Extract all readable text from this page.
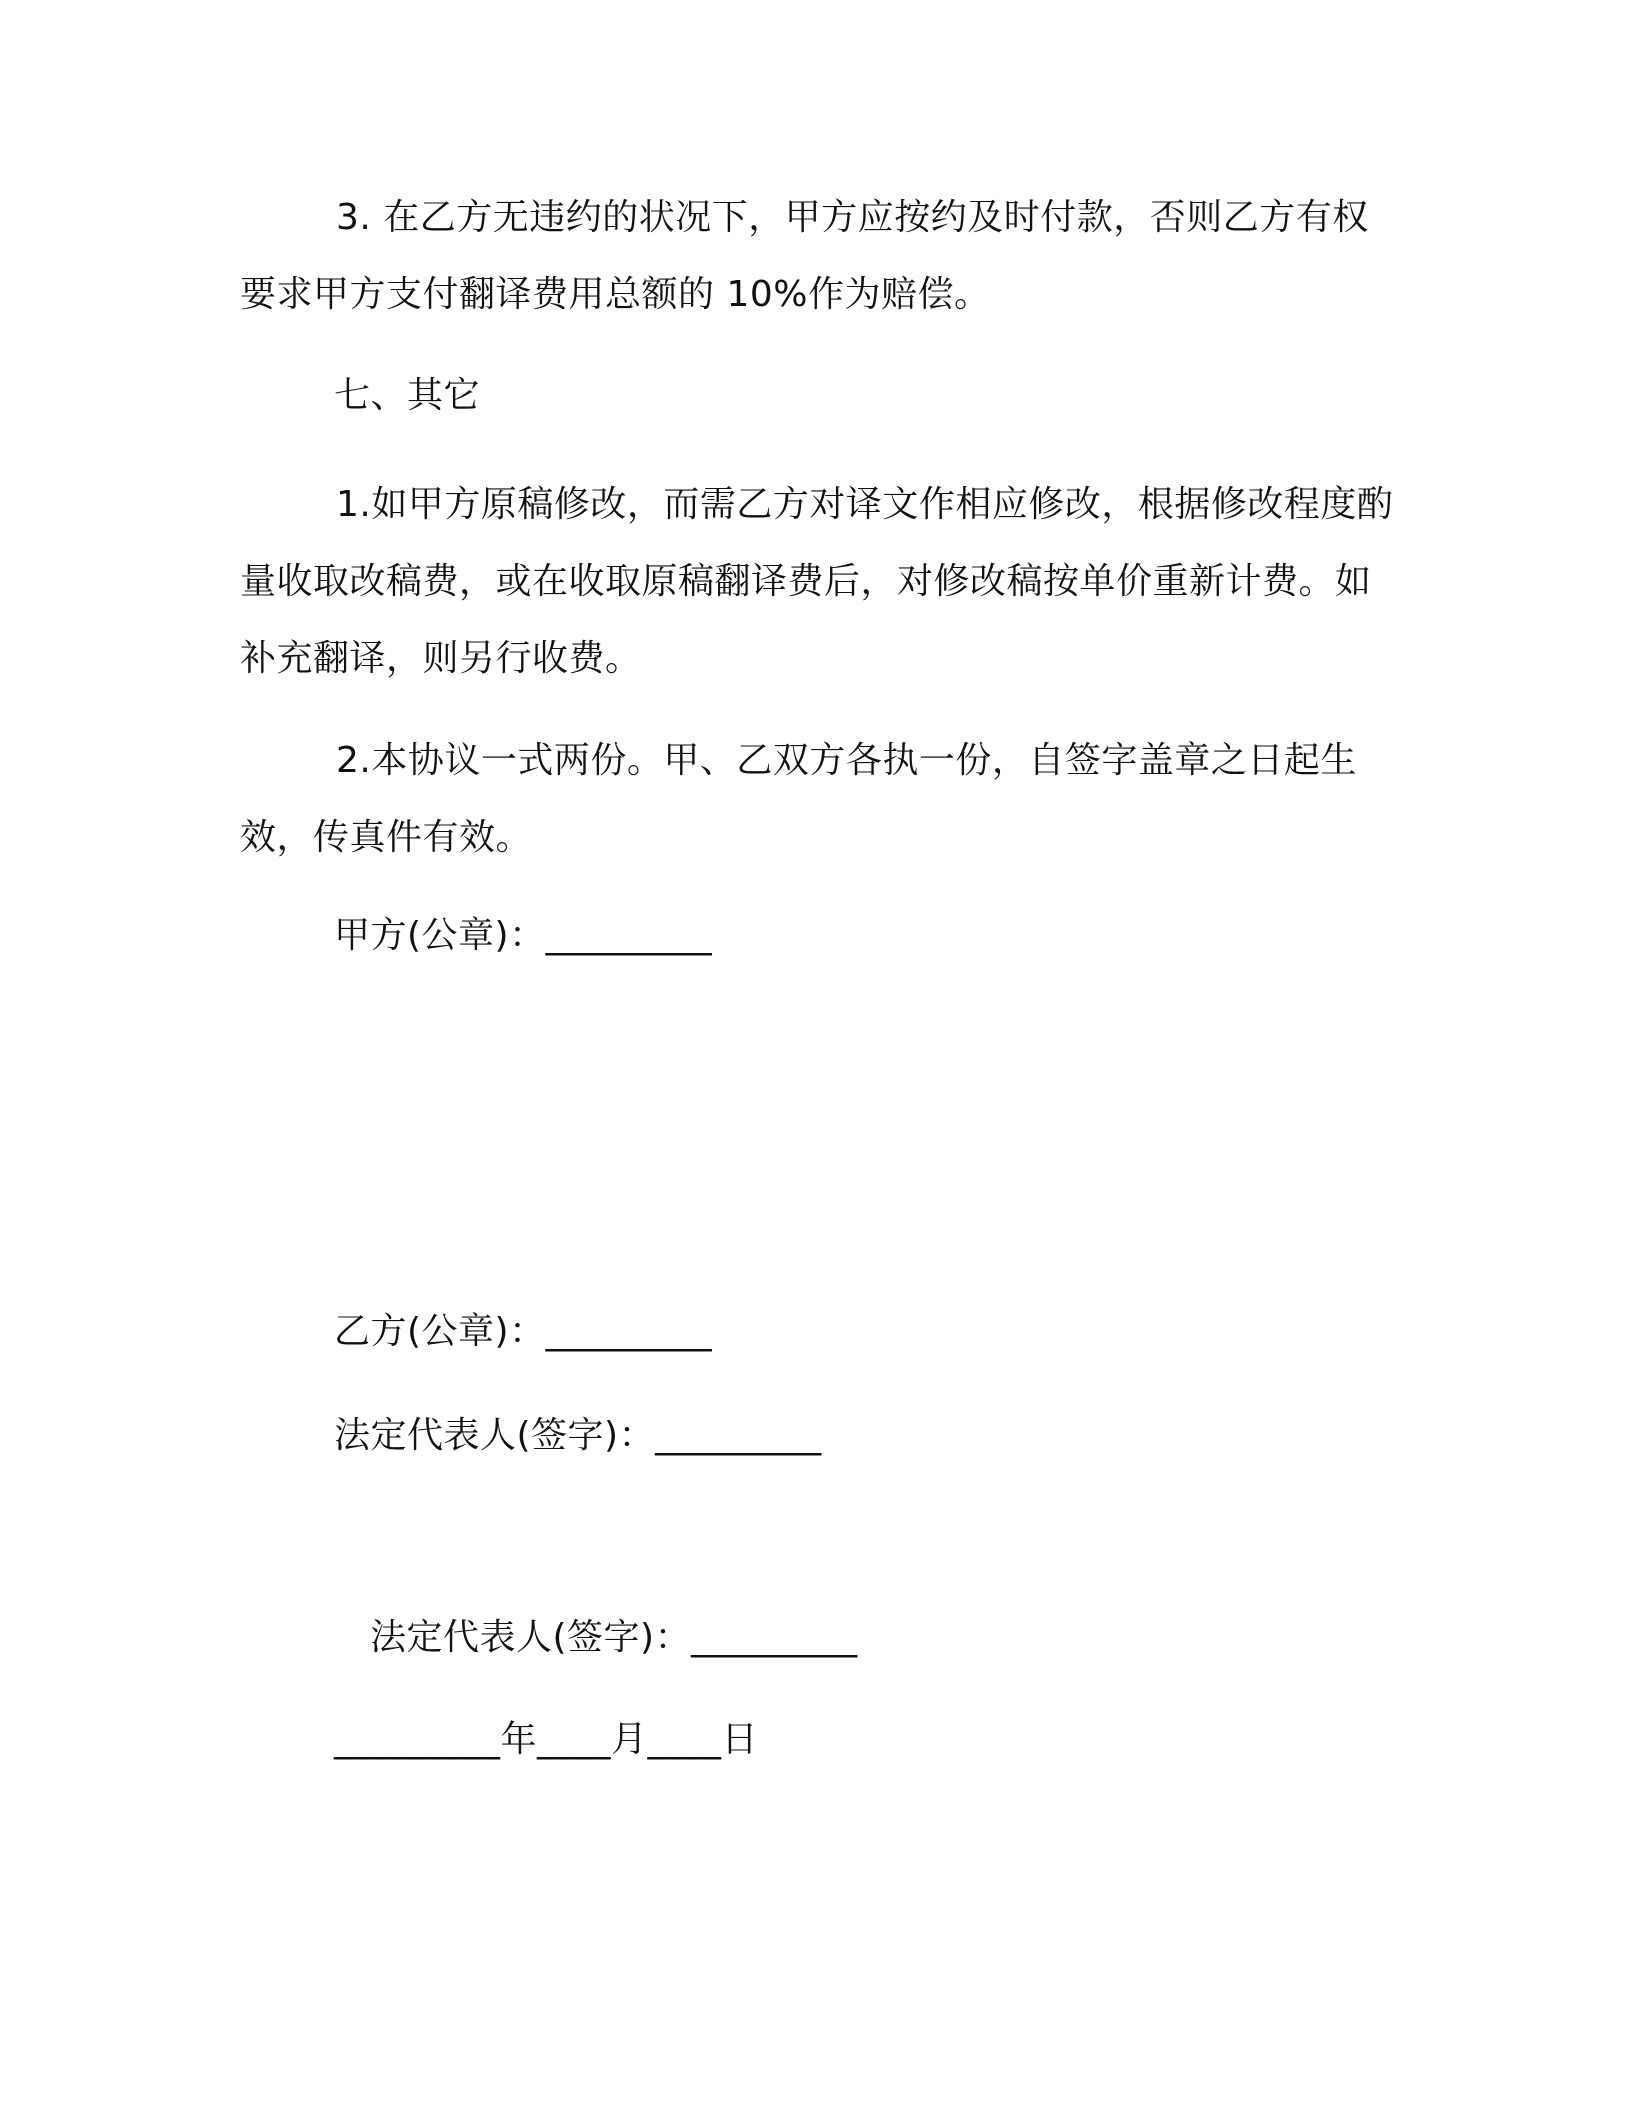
3. 在乙方无违约的状况下，甲方应按约及时付款，否则乙方有权要求甲方支付翻译费用总额的 10%作为赔偿。
七、其它
1.如甲方原稿修改，而需乙方对译文作相应修改，根据修改程度酌量收取改稿费，或在收取原稿翻译费后，对修改稿按单价重新计费。如补充翻译，则另行收费。
2.本协议一式两份。甲、乙双方各执一份，自签字盖章之日起生效，传真件有效。
甲方(公章)：_________
乙方(公章)：_________
法定代表人(签字)：_________
法定代表人(签字)：_________
_________年____月____日
